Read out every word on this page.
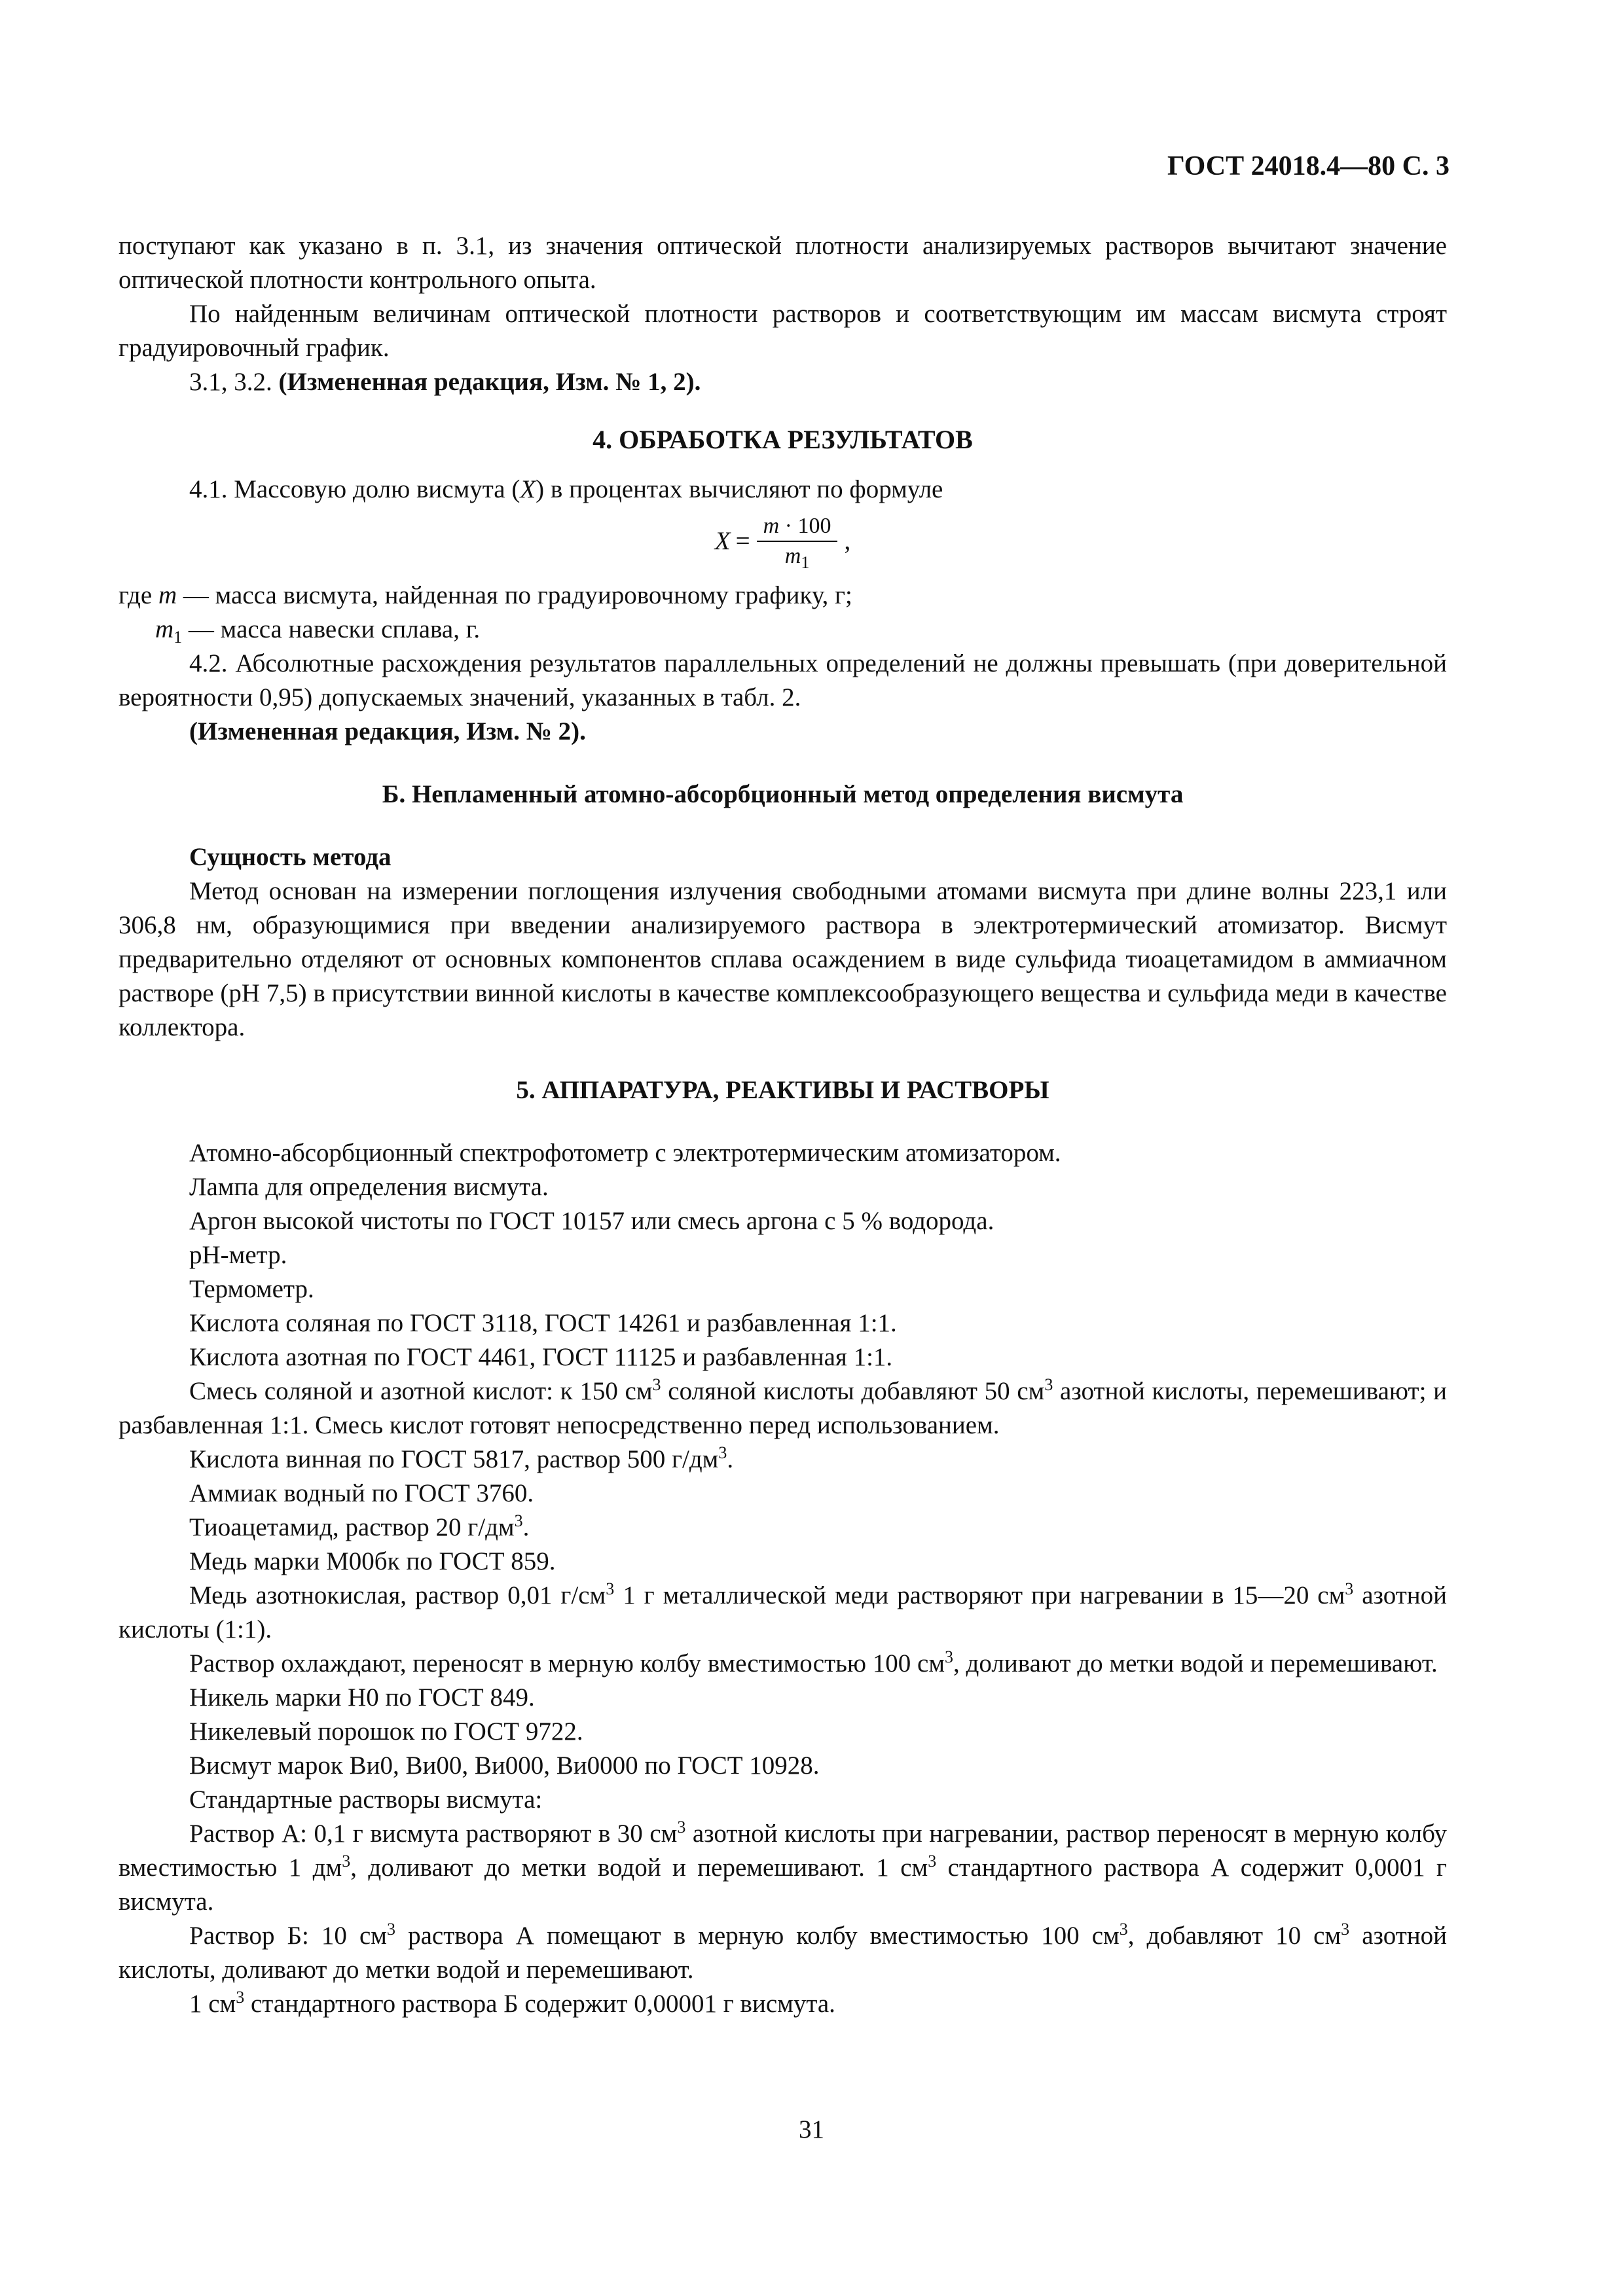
ГОСТ 24018.4—80 С. 3

поступают как указано в п. 3.1, из значения оптической плотности анализируемых растворов вычитают значение оптической плотности контрольного опыта.

По найденным величинам оптической плотности растворов и соответствующим им массам висмута строят градуировочный график.

3.1, 3.2. (Измененная редакция, Изм. № 1, 2).

4. ОБРАБОТКА РЕЗУЛЬТАТОВ

4.1. Массовую долю висмута (X) в процентах вычисляют по формуле

$X = \frac{m \cdot 100}{m_1}$ ,

где m — масса висмута, найденная по градуировочному графику, г;

$m_1$ — масса навески сплава, г.

4.2. Абсолютные расхождения результатов параллельных определений не должны превышать (при доверительной вероятности 0,95) допускаемых значений, указанных в табл. 2.

(Измененная редакция, Изм. № 2).

Б. Непламенный атомно-абсорбционный метод определения висмута

Сущность метода

Метод основан на измерении поглощения излучения свободными атомами висмута при длине волны 223,1 или 306,8 нм, образующимися при введении анализируемого раствора в электротермический атомизатор. Висмут предварительно отделяют от основных компонентов сплава осаждением в виде сульфида тиоацетамидом в аммиачном растворе (pH 7,5) в присутствии винной кислоты в качестве комплексообразующего вещества и сульфида меди в качестве коллектора.

5. АППАРАТУРА, РЕАКТИВЫ И РАСТВОРЫ

Атомно-абсорбционный спектрофотометр с электротермическим атомизатором.

Лампа для определения висмута.

Аргон высокой чистоты по ГОСТ 10157 или смесь аргона с 5 % водорода.

pH-метр.

Термометр.

Кислота соляная по ГОСТ 3118, ГОСТ 14261 и разбавленная 1:1.

Кислота азотная по ГОСТ 4461, ГОСТ 11125 и разбавленная 1:1.

Смесь соляной и азотной кислот: к 150 $см^3$ соляной кислоты добавляют 50 $см^3$ азотной кислоты, перемешивают; и разбавленная 1:1. Смесь кислот готовят непосредственно перед использованием.

Кислота винная по ГОСТ 5817, раствор 500 $г/дм^3$.

Аммиак водный по ГОСТ 3760.

Тиоацетамид, раствор 20 $г/дм^3$.

Медь марки М00бк по ГОСТ 859.

Медь азотнокислая, раствор 0,01 $г/см^3$ 1 г металлической меди растворяют при нагревании в 15—20 $см^3$ азотной кислоты (1:1).

Раствор охлаждают, переносят в мерную колбу вместимостью 100 $см^3$, доливают до метки водой и перемешивают.

Никель марки Н0 по ГОСТ 849.

Никелевый порошок по ГОСТ 9722.

Висмут марок Ви0, Ви00, Ви000, Ви0000 по ГОСТ 10928.

Стандартные растворы висмута:

Раствор А: 0,1 г висмута растворяют в 30 $см^3$ азотной кислоты при нагревании, раствор переносят в мерную колбу вместимостью 1 $дм^3$, доливают до метки водой и перемешивают. 1 $см^3$ стандартного раствора А содержит 0,0001 г висмута.

Раствор Б: 10 $см^3$ раствора А помещают в мерную колбу вместимостью 100 $см^3$, добавляют 10 $см^3$ азотной кислоты, доливают до метки водой и перемешивают.

1 $см^3$ стандартного раствора Б содержит 0,00001 г висмута.

31
